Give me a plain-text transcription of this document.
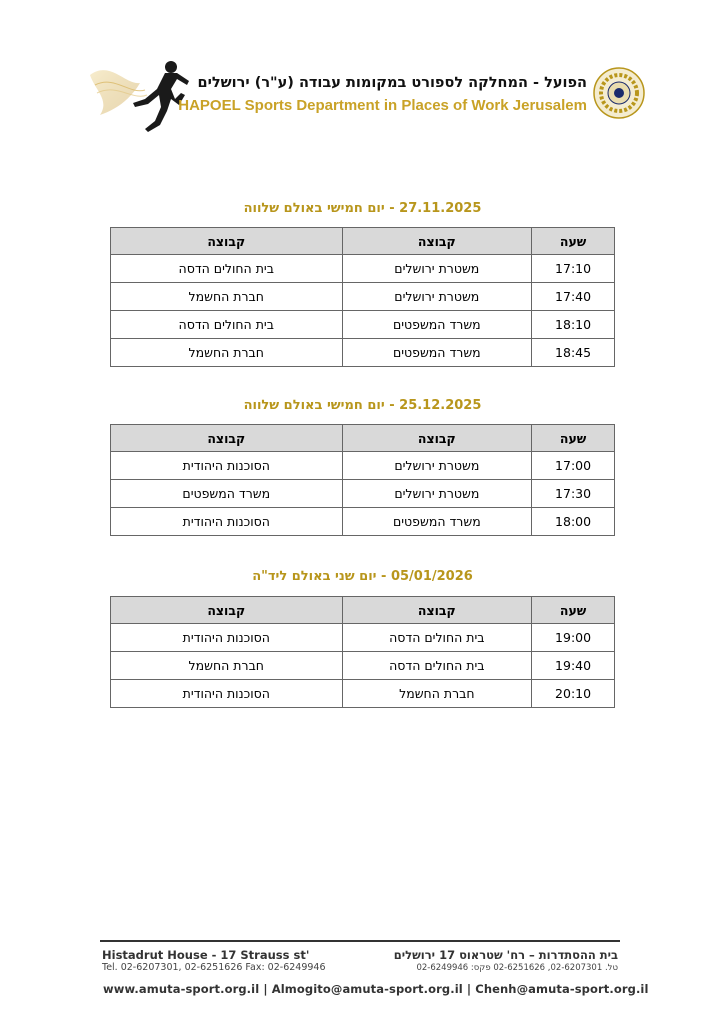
הפועל - המחלקה לספורט במקומות עבודה (ע"ר) ירושלים
HAPOEL Sports Department in Places of Work Jerusalem
27.11.2025 - יום חמישי באולם שלווה
שעה	קבוצה	קבוצה
17:10	משטרת ירושלים	בית החולים הדסה
17:40	משטרת ירושלים	חברת החשמל
18:10	משרד המשפטים	בית החולים הדסה
18:45	משרד המשפטים	חברת החשמל
25.12.2025 - יום חמישי באולם שלווה
שעה	קבוצה	קבוצה
17:00	משטרת ירושלים	הסוכנות היהודית
17:30	משטרת ירושלים	משרד המשפטים
18:00	משרד המשפטים	הסוכנות היהודית
05/01/2026 - יום שני באולם ליד"ה
שעה	קבוצה	קבוצה
19:00	בית החולים הדסה	הסוכנות היהודית
19:40	בית החולים הדסה	חברת החשמל
20:10	חברת החשמל	הסוכנות היהודית
Histadrut House - 17 Strauss st'
Tel. 02-6207301, 02-6251626 Fax: 02-6249946
בית ההסתדרות – רח' שטראוס 17 ירושלים
טל. 02-6207301, 02-6251626 פקס: 02-6249946
www.amuta-sport.org.il | Almogito@amuta-sport.org.il | Chenh@amuta-sport.org.il
